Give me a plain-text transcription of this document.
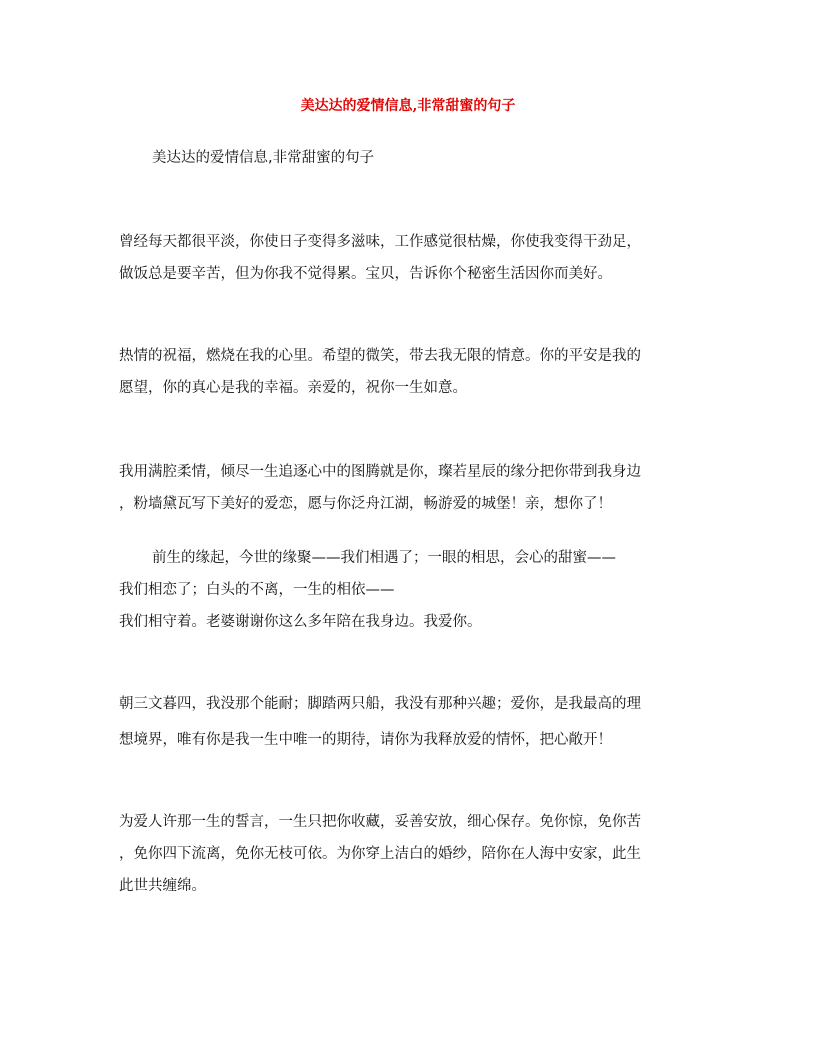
美达达的爱情信息,非常甜蜜的句子
美达达的爱情信息,非常甜蜜的句子
曾经每天都很平淡，你使日子变得多滋味，工作感觉很枯燥，你使我变得干劲足，
做饭总是要辛苦，但为你我不觉得累。宝贝，告诉你个秘密生活因你而美好。
热情的祝福，燃烧在我的心里。希望的微笑，带去我无限的情意。你的平安是我的
愿望，你的真心是我的幸福。亲爱的，祝你一生如意。
我用满腔柔情，倾尽一生追逐心中的图腾就是你，璨若星辰的缘分把你带到我身边
，粉墙黛瓦写下美好的爱恋，愿与你泛舟江湖，畅游爱的城堡！亲，想你了！
前生的缘起，今世的缘聚——我们相遇了；一眼的相思，会心的甜蜜——
我们相恋了；白头的不离，一生的相依——
我们相守着。老婆谢谢你这么多年陪在我身边。我爱你。
朝三文暮四，我没那个能耐；脚踏两只船，我没有那种兴趣；爱你，是我最高的理
想境界，唯有你是我一生中唯一的期待，请你为我释放爱的情怀，把心敞开！
为爱人许那一生的誓言，一生只把你收藏，妥善安放，细心保存。免你惊，免你苦
，免你四下流离，免你无枝可依。为你穿上洁白的婚纱，陪你在人海中安家，此生
此世共缠绵。
